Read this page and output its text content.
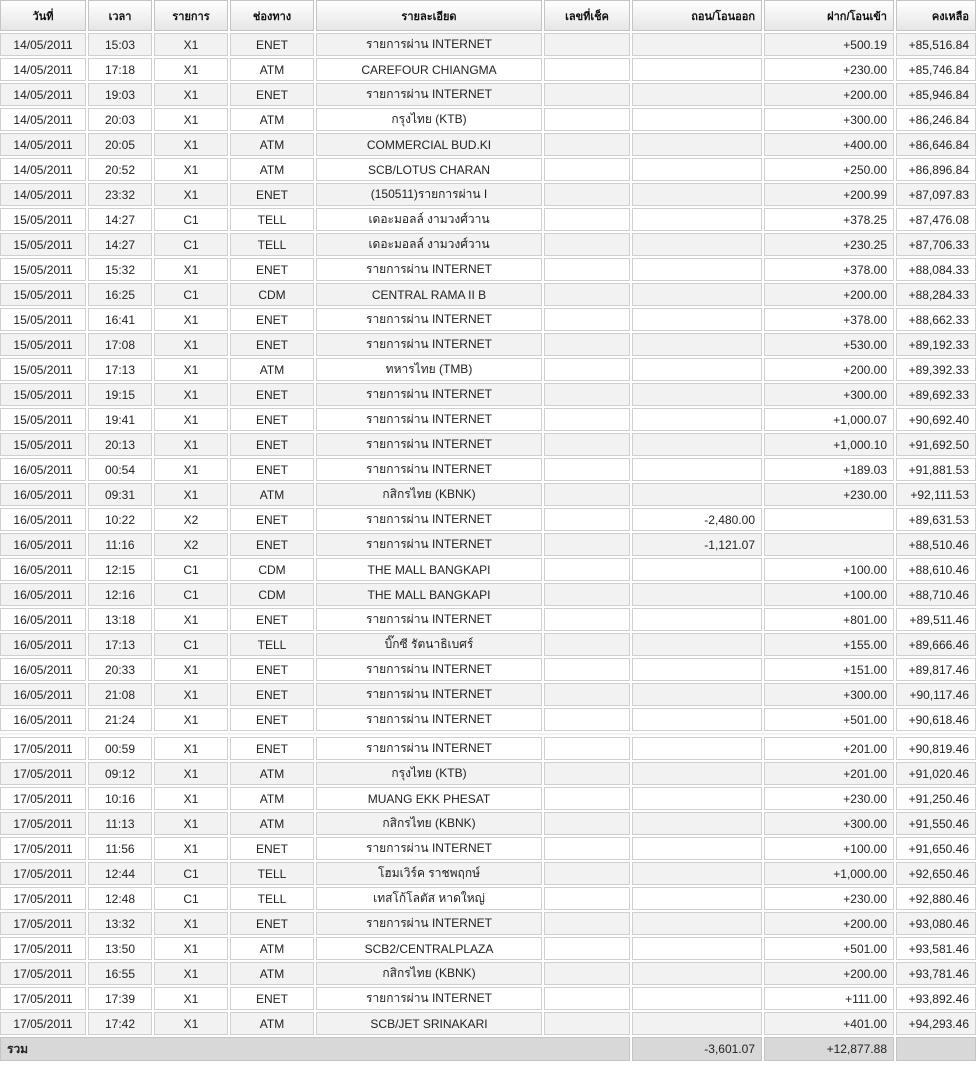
วันที่	เวลา	รายการ	ช่องทาง	รายละเอียด	เลขที่เช็ค	ถอน/โอนออก	ฝาก/โอนเข้า	คงเหลือ
14/05/2011	15:03	X1	ENET	รายการผ่าน INTERNET			+500.19	+85,516.84
14/05/2011	17:18	X1	ATM	CAREFOUR CHIANGMA			+230.00	+85,746.84
14/05/2011	19:03	X1	ENET	รายการผ่าน INTERNET			+200.00	+85,946.84
14/05/2011	20:03	X1	ATM	กรุงไทย (KTB)			+300.00	+86,246.84
14/05/2011	20:05	X1	ATM	COMMERCIAL BUD.KI			+400.00	+86,646.84
14/05/2011	20:52	X1	ATM	SCB/LOTUS CHARAN			+250.00	+86,896.84
14/05/2011	23:32	X1	ENET	(150511)รายการผ่าน I			+200.99	+87,097.83
15/05/2011	14:27	C1	TELL	เดอะมอลล์ งามวงศ์วาน			+378.25	+87,476.08
15/05/2011	14:27	C1	TELL	เดอะมอลล์ งามวงศ์วาน			+230.25	+87,706.33
15/05/2011	15:32	X1	ENET	รายการผ่าน INTERNET			+378.00	+88,084.33
15/05/2011	16:25	C1	CDM	CENTRAL RAMA II B			+200.00	+88,284.33
15/05/2011	16:41	X1	ENET	รายการผ่าน INTERNET			+378.00	+88,662.33
15/05/2011	17:08	X1	ENET	รายการผ่าน INTERNET			+530.00	+89,192.33
15/05/2011	17:13	X1	ATM	ทหารไทย (TMB)			+200.00	+89,392.33
15/05/2011	19:15	X1	ENET	รายการผ่าน INTERNET			+300.00	+89,692.33
15/05/2011	19:41	X1	ENET	รายการผ่าน INTERNET			+1,000.07	+90,692.40
15/05/2011	20:13	X1	ENET	รายการผ่าน INTERNET			+1,000.10	+91,692.50
16/05/2011	00:54	X1	ENET	รายการผ่าน INTERNET			+189.03	+91,881.53
16/05/2011	09:31	X1	ATM	กสิกรไทย (KBNK)			+230.00	+92,111.53
16/05/2011	10:22	X2	ENET	รายการผ่าน INTERNET		-2,480.00		+89,631.53
16/05/2011	11:16	X2	ENET	รายการผ่าน INTERNET		-1,121.07		+88,510.46
16/05/2011	12:15	C1	CDM	THE MALL BANGKAPI			+100.00	+88,610.46
16/05/2011	12:16	C1	CDM	THE MALL BANGKAPI			+100.00	+88,710.46
16/05/2011	13:18	X1	ENET	รายการผ่าน INTERNET			+801.00	+89,511.46
16/05/2011	17:13	C1	TELL	บิ๊กซี รัตนาธิเบศร์			+155.00	+89,666.46
16/05/2011	20:33	X1	ENET	รายการผ่าน INTERNET			+151.00	+89,817.46
16/05/2011	21:08	X1	ENET	รายการผ่าน INTERNET			+300.00	+90,117.46
16/05/2011	21:24	X1	ENET	รายการผ่าน INTERNET			+501.00	+90,618.46

17/05/2011	00:59	X1	ENET	รายการผ่าน INTERNET			+201.00	+90,819.46
17/05/2011	09:12	X1	ATM	กรุงไทย (KTB)			+201.00	+91,020.46
17/05/2011	10:16	X1	ATM	MUANG EKK PHESAT			+230.00	+91,250.46
17/05/2011	11:13	X1	ATM	กสิกรไทย (KBNK)			+300.00	+91,550.46
17/05/2011	11:56	X1	ENET	รายการผ่าน INTERNET			+100.00	+91,650.46
17/05/2011	12:44	C1	TELL	โฮมเวิร์ค ราชพฤกษ์			+1,000.00	+92,650.46
17/05/2011	12:48	C1	TELL	เทสโก้โลตัส หาดใหญ่			+230.00	+92,880.46
17/05/2011	13:32	X1	ENET	รายการผ่าน INTERNET			+200.00	+93,080.46
17/05/2011	13:50	X1	ATM	SCB2/CENTRALPLAZA			+501.00	+93,581.46
17/05/2011	16:55	X1	ATM	กสิกรไทย (KBNK)			+200.00	+93,781.46
17/05/2011	17:39	X1	ENET	รายการผ่าน INTERNET			+111.00	+93,892.46
17/05/2011	17:42	X1	ATM	SCB/JET SRINAKARI			+401.00	+94,293.46
รวม						-3,601.07	+12,877.88	
